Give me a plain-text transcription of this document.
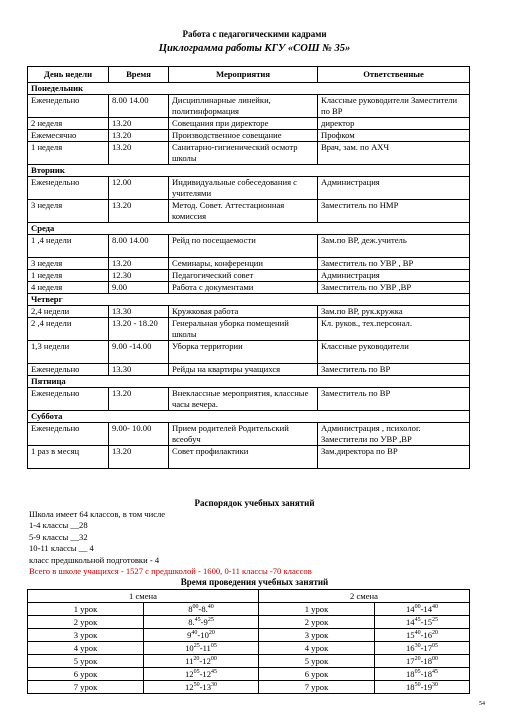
Работа с педагогическими кадрами
Циклограмма работы КГУ «СОШ № 35»
День недели	Время	Мероприятия	Ответственные
Понедельник			
Еженедельно	8.00 14.00	Дисциплинарные линейки, политинформация	Классные руководители Заместители по ВР
2 неделя	13.20	Совещания при директоре	директор
Ежемесячно	13.20	Производственное совещание	Профком
1 неделя	13.20	Санитарно-гигиенический осмотр школы	Врач, зам. по АХЧ
Вторник			
Еженедельно	12.00	Индивидуальные собеседования с учителями	Администрация
3 неделя	13.20	Метод. Совет. Аттестационная комиссия	Заместитель по НМР
Среда			
1 ,4 недели	8.00 14.00	Рейд по посещаемости	Зам.по ВР, деж.учитель
3 неделя	13.20	Семинары, конференции	Заместитель по УВР , ВР
1 неделя	12.30	Педагогический совет	Администрация
4 неделя	9.00	Работа с документами	Заместитель по УВР ,ВР
Четверг			
2,4 недели	13.30	Кружковая работа	Зам.по ВР, рук.кружка
2 ,4 недели	13.20 - 18.20	Генеральная уборка помещений школы	Кл. руков., тех.персонал.
1,3 недели	9.00 -14.00	Уборка территории	Классные руководители
Еженедельно	13.30	Рейды на квартиры учащихся	Заместитель по ВР
Пятница			
Еженедельно	13.20	Внеклассные мероприятия, классные часы вечера.	Заместитель по ВР
Суббота			
Еженедельно	9.00- 10.00	Прием родителей Родительский всеобуч	Администрация , психолог. Заместители по УВР ,ВР
1 раз в месяц	13.20	Совет профилактики	Зам.директора по ВР
Распорядок учебных занятий
Школа имеет 64 классов, в том числе
1-4 классы __28
5-9 классы __32
10-11 классы __ 4
класс предшкольной подготовки - 4
Всего в школе учащихся - 1527 с предшколой - 1600, 0-11 классы -70 классов
Время проведения учебных занятий
1 смена		2 смена	
1 урок	$8^{00}-8.40$	1 урок	$14^{00}-14^{40}$
2 урок	$8.45-9^{25}$	2 урок	$14^{45}-15^{25}$
3 урок	$9^{40}-10^{20}$	3 урок	$15^{40}-16^{20}$
4 урок	$10^{25}-11^{05}$	4 урок	$16^{30}-17^{05}$
5 урок	$11^{20}-12^{00}$	5 урок	$17^{20}-18^{00}$
6 урок	$12^{05}-12^{45}$	6 урок	$18^{05}-18^{45}$
7 урок	$12^{50}-13^{30}$	7 урок	$18^{50}-19^{30}$
54
